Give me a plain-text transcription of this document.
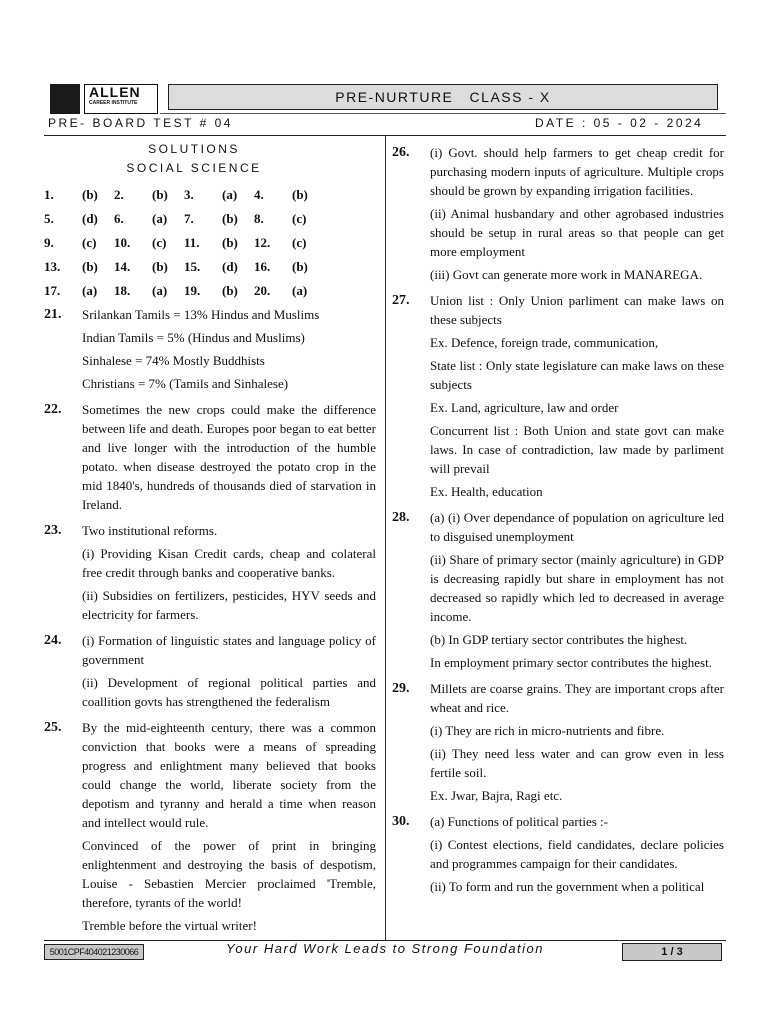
ALLEN
CAREER INSTITUTE	PRE-NURTURE   CLASS - X
PRE- BOARD TEST # 04	DATE : 05 - 02 - 2024
SOLUTIONS
SOCIAL SCIENCE
1.	(b)	2.	(b)	3.	(a)	4.	(b)
5.	(d)	6.	(a)	7.	(b)	8.	(c)
9.	(c)	10.	(c)	11.	(b)	12.	(c)
13.	(b)	14.	(b)	15.	(d)	16.	(b)
17.	(a)	18.	(a)	19.	(b)	20.	(a)
21.	Srilankan Tamils = 13% Hindus and Muslims

Indian Tamils = 5% (Hindus and Muslims)

Sinhalese = 74% Mostly Buddhists

Christians = 7% (Tamils and Sinhalese)

22.	Sometimes the new crops could make the difference between life and death. Europes poor began to eat better and live longer with the introduction of the humble potato. when disease destroyed the potato crop in the mid 1840's, hundreds of thousands died of starvation in Ireland.

23.	Two institutional reforms.

(i) Providing Kisan Credit cards, cheap and colateral free credit through banks and cooperative banks.

(ii) Subsidies on fertilizers, pesticides, HYV seeds and electricity for farmers.

24.	(i) Formation of linguistic states and language policy of government

(ii) Development of regional political parties and coallition govts has strengthened the federalism

25.	By the mid-eighteenth century, there was a common conviction that books were a means of spreading progress and enlightment many believed that books could change the world, liberate society from the depotism and tyranny and herald a time when reason and intellect would rule.

Convinced of the power of print in bringing enlightenment and destroying the basis of despotism, Louise - Sebastien Mercier proclaimed 'Tremble, therefore, tyrants of the world!

Tremble before the virtual writer!

26.	(i) Govt. should help farmers to get cheap credit for purchasing modern inputs of agriculture. Multiple crops should be grown by expanding irrigation facilities.

(ii) Animal husbandary and other agrobased industries should be setup in rural areas so that people can get more employment

(iii) Govt can generate more work in MANAREGA.

27.	Union list : Only Union parliment can make laws on these subjects

Ex. Defence, foreign trade, communication,

State list : Only state legislature can make laws on these subjects

Ex. Land, agriculture, law and order

Concurrent list : Both Union and state govt can make laws. In case of contradiction, law made by parliment will prevail

Ex. Health, education

28.	(a) (i) Over dependance of population on agriculture led to disguised unemployment

(ii) Share of primary sector (mainly agriculture) in GDP is decreasing rapidly but share in employment has not decreased so rapidly which led to decreased in average income.

(b) In GDP tertiary sector contributes the highest.

In employment primary sector contributes the highest.

29.	Millets are coarse grains. They are important crops after wheat and rice.

(i) They are rich in micro-nutrients and fibre.

(ii) They need less water and can grow even in less fertile soil.

Ex. Jwar, Bajra, Ragi etc.

30.	(a) Functions of political parties :-

(i) Contest elections, field candidates, declare policies and programmes campaign for their candidates.

(ii) To form and run the government when a political

5001CPF404021230066	Your Hard Work Leads to Strong Foundation	1 / 3
